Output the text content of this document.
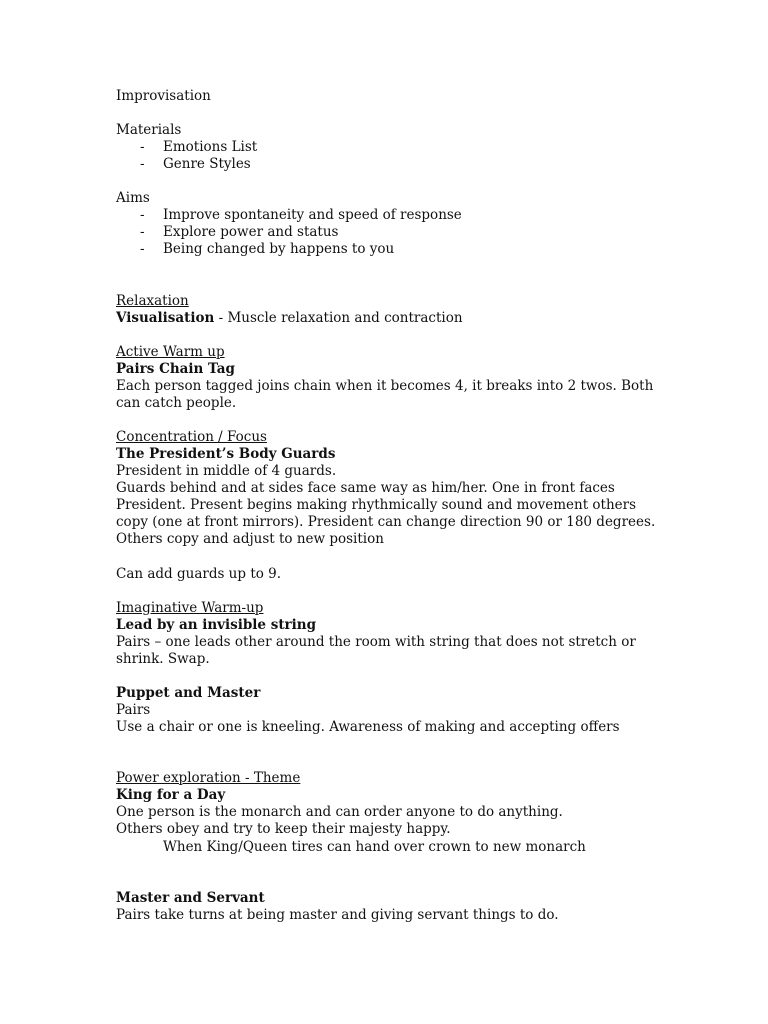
Improvisation
Materials
- Emotions List
- Genre Styles
Aims
- Improve spontaneity and speed of response
- Explore power and status
- Being changed by happens to you
Relaxation
Visualisation - Muscle relaxation and contraction
Active Warm up
Pairs Chain Tag
Each person tagged joins chain when it becomes 4, it breaks into 2 twos. Both
can catch people.
Concentration / Focus
The President’s Body Guards
President in middle of 4 guards.
Guards behind and at sides face same way as him/her. One in front faces
President. Present begins making rhythmically sound and movement others
copy (one at front mirrors). President can change direction 90 or 180 degrees.
Others copy and adjust to new position
Can add guards up to 9.
Imaginative Warm-up
Lead by an invisible string
Pairs – one leads other around the room with string that does not stretch or
shrink. Swap.
Puppet and Master
Pairs
Use a chair or one is kneeling. Awareness of making and accepting offers
Power exploration - Theme
King for a Day
One person is the monarch and can order anyone to do anything.
Others obey and try to keep their majesty happy.
When King/Queen tires can hand over crown to new monarch
Master and Servant
Pairs take turns at being master and giving servant things to do.
